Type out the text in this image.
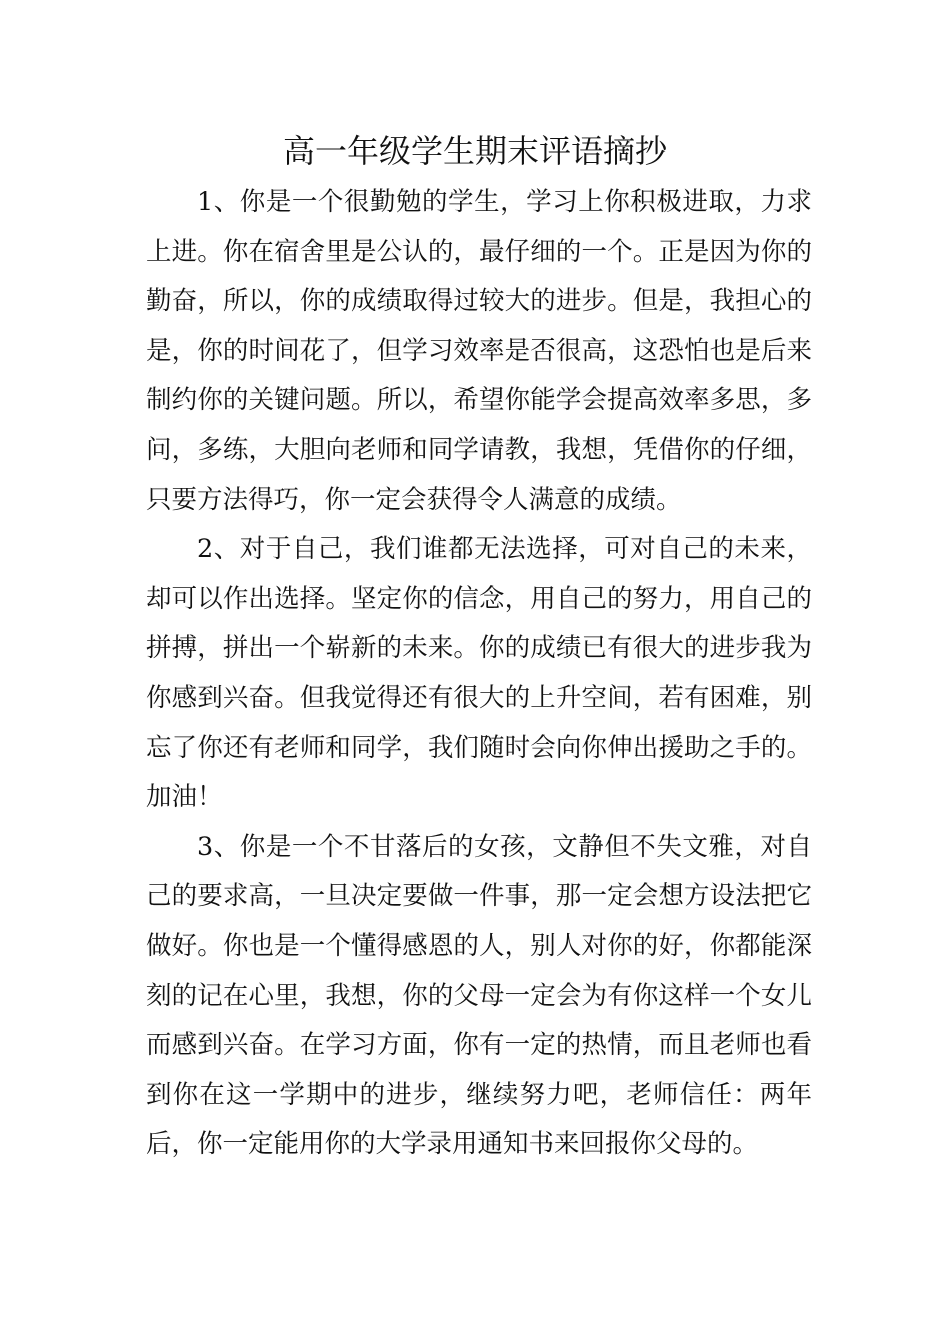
高一年级学生期末评语摘抄

1、你是一个很勤勉的学生，学习上你积极进取，力求上进。你在宿舍里是公认的，最仔细的一个。正是因为你的勤奋，所以，你的成绩取得过较大的进步。但是，我担心的是，你的时间花了，但学习效率是否很高，这恐怕也是后来制约你的关键问题。所以，希望你能学会提高效率多思，多问，多练，大胆向老师和同学请教，我想，凭借你的仔细，只要方法得巧，你一定会获得令人满意的成绩。

2、对于自己，我们谁都无法选择，可对自己的未来，却可以作出选择。坚定你的信念，用自己的努力，用自己的拼搏，拼出一个崭新的未来。你的成绩已有很大的进步我为你感到兴奋。但我觉得还有很大的上升空间，若有困难，别忘了你还有老师和同学，我们随时会向你伸出援助之手的。加油！

3、你是一个不甘落后的女孩，文静但不失文雅，对自己的要求高，一旦决定要做一件事，那一定会想方设法把它做好。你也是一个懂得感恩的人，别人对你的好，你都能深刻的记在心里，我想，你的父母一定会为有你这样一个女儿而感到兴奋。在学习方面，你有一定的热情，而且老师也看到你在这一学期中的进步，继续努力吧，老师信任：两年后，你一定能用你的大学录用通知书来回报你父母的。
